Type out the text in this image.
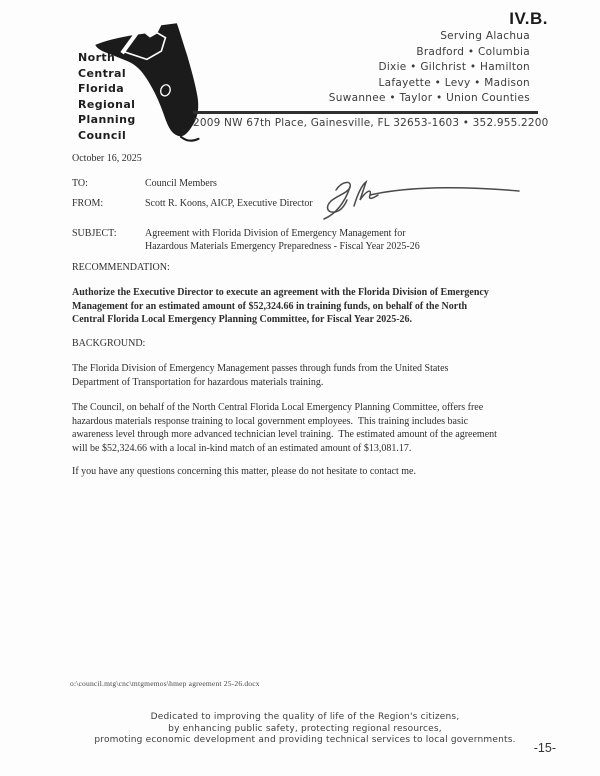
IV.B.
North
Central
Florida
Regional
Planning
Council
Serving Alachua
Bradford • Columbia
Dixie • Gilchrist • Hamilton
Lafayette • Levy • Madison
Suwannee • Taylor • Union Counties
2009 NW 67th Place, Gainesville, FL 32653-1603 • 352.955.2200
October 16, 2025
TO:	Council Members
FROM:	Scott R. Koons, AICP, Executive Director
SUBJECT:	Agreement with Florida Division of Emergency Management for
Hazardous Materials Emergency Preparedness - Fiscal Year 2025-26
RECOMMENDATION:
Authorize the Executive Director to execute an agreement with the Florida Division of Emergency
Management for an estimated amount of $52,324.66 in training funds, on behalf of the North
Central Florida Local Emergency Planning Committee, for Fiscal Year 2025-26.
BACKGROUND:
The Florida Division of Emergency Management passes through funds from the United States
Department of Transportation for hazardous materials training.
The Council, on behalf of the North Central Florida Local Emergency Planning Committee, offers free
hazardous materials response training to local government employees.  This training includes basic
awareness level through more advanced technician level training.  The estimated amount of the agreement
will be $52,324.66 with a local in-kind match of an estimated amount of $13,081.17.
If you have any questions concerning this matter, please do not hesitate to contact me.
o:\council.mtg\cnc\mtgmemos\hmep agreement 25-26.docx
Dedicated to improving the quality of life of the Region's citizens,
by enhancing public safety, protecting regional resources,
promoting economic development and providing technical services to local governments.
-15-
